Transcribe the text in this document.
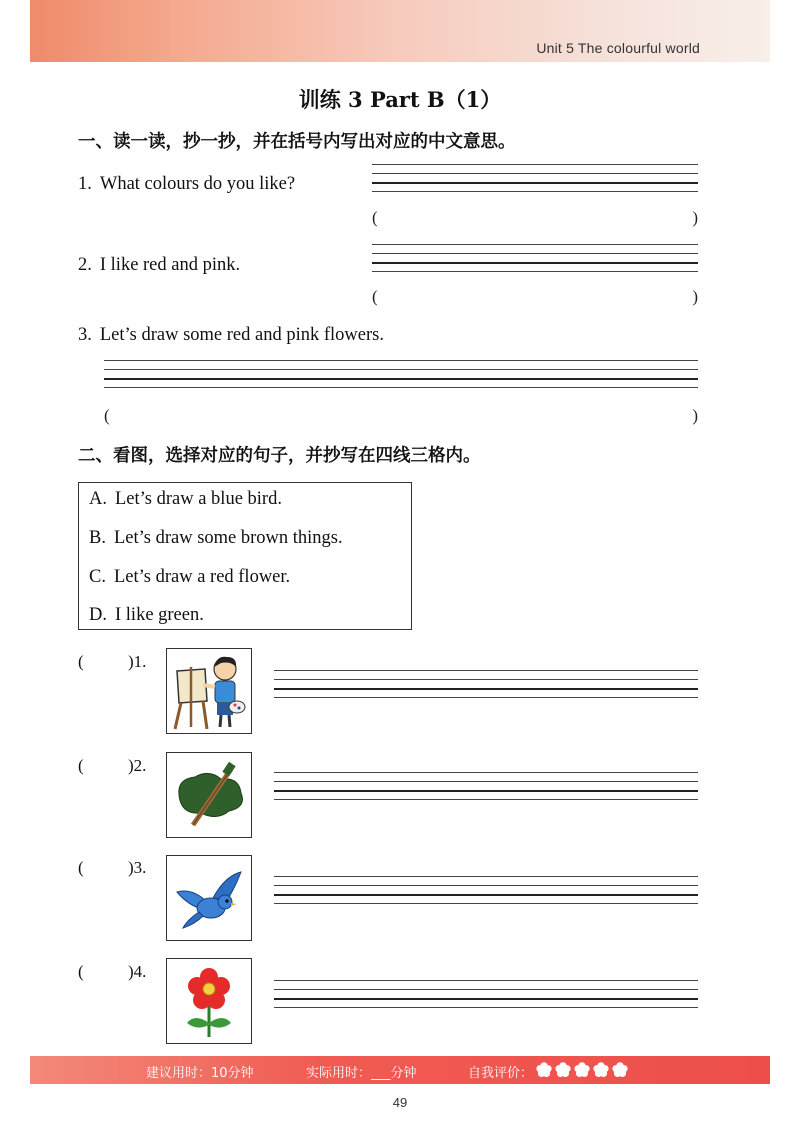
Unit 5 The colourful world
训练 3 Part B（1）
一、读一读，抄一抄，并在括号内写出对应的中文意思。
1. What colours do you like?
(	)
2. I like red and pink.
(	)
3. Let’s draw some red and pink flowers.
(	)
二、看图，选择对应的句子，并抄写在四线三格内。
A. Let’s draw a blue bird.
B. Let’s draw some brown things.
C. Let’s draw a red flower.
D. I like green.
(	)1.
(	)2.
(	)3.
(	)4.
建议用时：10分钟	实际用时：___分钟	自我评价：
49
